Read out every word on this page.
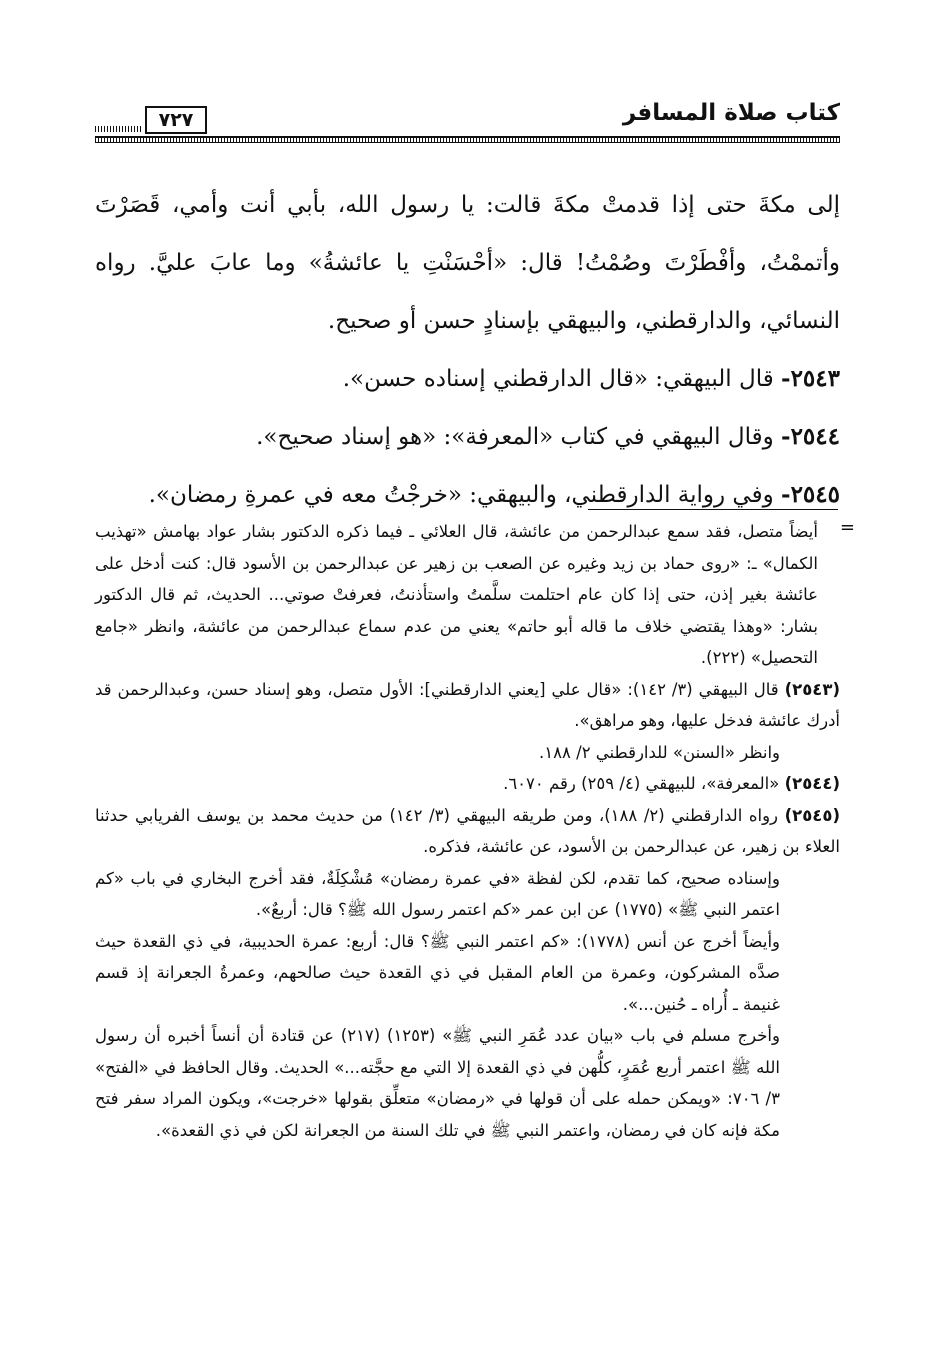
كتاب صلاة المسافر
٧٢٧

إلى مكةَ حتى إذا قدمتْ مكةَ قالت: يا رسول الله، بأبي أنت وأمي، قَصَرْتَ وأتممْتُ، وأفْطَرْتَ وصُمْتُ! قال: «أحْسَنْتِ يا عائشةُ» وما عابَ عليَّ. رواه النسائي، والدارقطني، والبيهقي بإسنادٍ حسن أو صحيح.

٢٥٤٣- قال البيهقي: «قال الدارقطني إسناده حسن».

٢٥٤٤- وقال البيهقي في كتاب «المعرفة»: «هو إسناد صحيح».

٢٥٤٥- وفي رواية الدارقطني، والبيهقي: «خرجْتُ معه في عمرةِ رمضان».

=

أيضاً متصل، فقد سمع عبدالرحمن من عائشة، قال العلائي ـ فيما ذكره الدكتور بشار عواد بهامش «تهذيب الكمال» ـ: «روى حماد بن زيد وغيره عن الصعب بن زهير عن عبدالرحمن بن الأسود قال: كنت أدخل على عائشة بغير إذن، حتى إذا كان عام احتلمت سلَّمتُ واستأذنتُ، فعرفتْ صوتي... الحديث، ثم قال الدكتور بشار: «وهذا يقتضي خلاف ما قاله أبو حاتم» يعني من عدم سماع عبدالرحمن من عائشة، وانظر «جامع التحصيل» (٢٢٢).

(٢٥٤٣) قال البيهقي (٣/ ١٤٢): «قال علي [يعني الدارقطني]: الأول متصل، وهو إسناد حسن، وعبدالرحمن قد أدرك عائشة فدخل عليها، وهو مراهق».

وانظر «السنن» للدارقطني ٢/ ١٨٨.

(٢٥٤٤) «المعرفة»، للبيهقي (٤/ ٢٥٩) رقم ٦٠٧٠.

(٢٥٤٥) رواه الدارقطني (٢/ ١٨٨)، ومن طريقه البيهقي (٣/ ١٤٢) من حديث محمد بن يوسف الفريابي حدثنا العلاء بن زهير، عن عبدالرحمن بن الأسود، عن عائشة، فذكره.

وإسناده صحيح، كما تقدم، لكن لفظة «في عمرة رمضان» مُشْكِلَةٌ، فقد أخرج البخاري في باب «كم اعتمر النبي ﷺ» (١٧٧٥) عن ابن عمر «كم اعتمر رسول الله ﷺ؟ قال: أربعٌ».

وأيضاً أخرج عن أنس (١٧٧٨): «كم اعتمر النبي ﷺ؟ قال: أربع: عمرة الحديبية، في ذي القعدة حيث صدَّه المشركون، وعمرة من العام المقبل في ذي القعدة حيث صالحهم، وعمرةُ الجعرانة إذ قسم غنيمة ـ أُراه ـ حُنين...».

وأخرج مسلم في باب «بيان عدد عُمَرِ النبي ﷺ» (١٢٥٣) (٢١٧) عن قتادة أن أنساً أخبره أن رسول الله ﷺ اعتمر أربع عُمَرٍ، كلُّهن في ذي القعدة إلا التي مع حجَّته...» الحديث. وقال الحافظ في «الفتح» ٣/ ٧٠٦: «ويمكن حمله على أن قولها في «رمضان» متعلِّق بقولها «خرجت»، ويكون المراد سفر فتح مكة فإنه كان في رمضان، واعتمر النبي ﷺ في تلك السنة من الجعرانة لكن في ذي القعدة».
